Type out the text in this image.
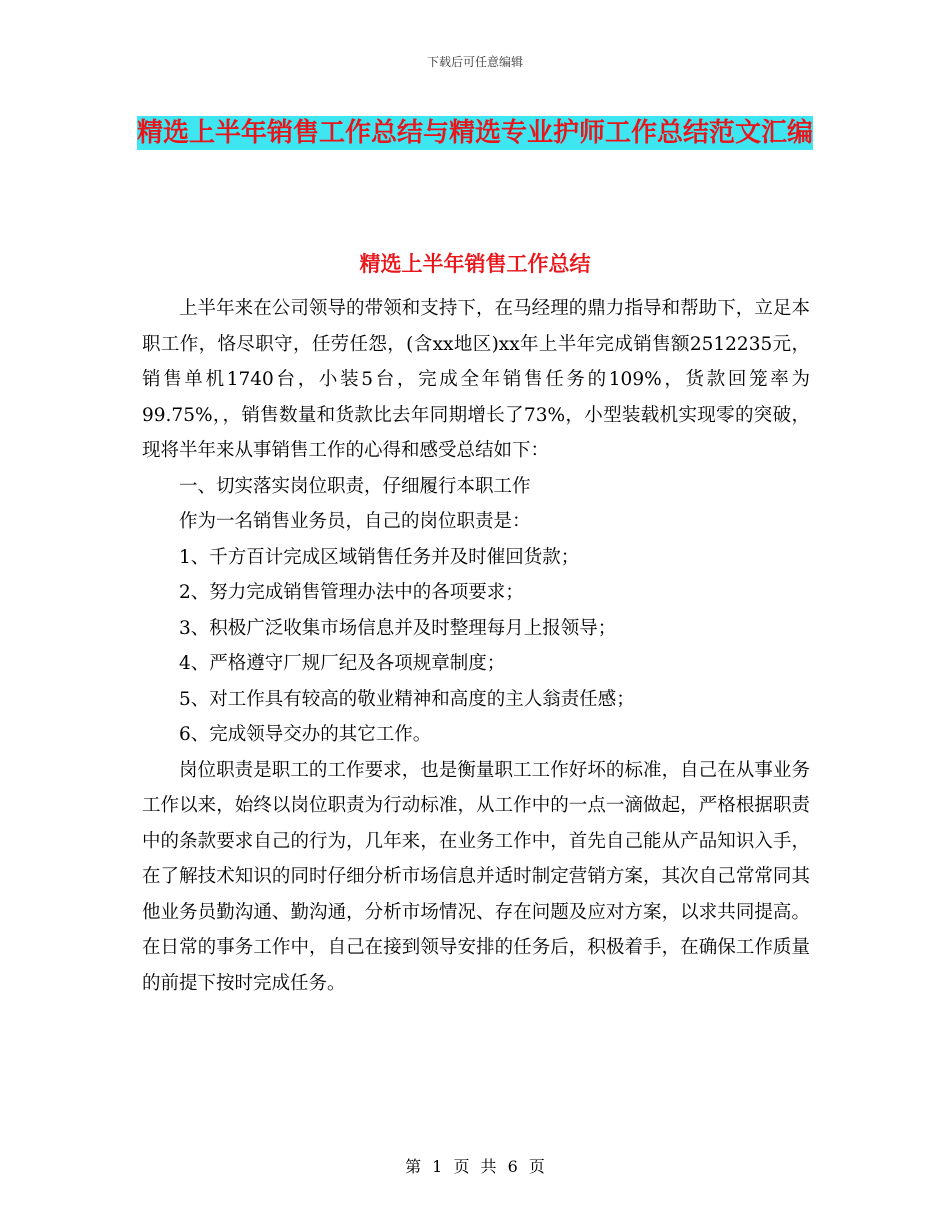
下载后可任意编辑
精选上半年销售工作总结与精选专业护师工作总结范文汇编
精选上半年销售工作总结

上半年来在公司领导的带领和支持下，在马经理的鼎力指导和帮助下，立足本职工作，恪尽职守，任劳任怨，(含xx地区)xx年上半年完成销售额2512235元，销售单机1740台，小装5台，完成全年销售任务的109%，货款回笼率为99.75%，，销售数量和货款比去年同期增长了73%，小型装载机实现零的突破，现将半年来从事销售工作的心得和感受总结如下：

一、切实落实岗位职责，仔细履行本职工作

作为一名销售业务员，自己的岗位职责是：

1、千方百计完成区域销售任务并及时催回货款；

2、努力完成销售管理办法中的各项要求；

3、积极广泛收集市场信息并及时整理每月上报领导；

4、严格遵守厂规厂纪及各项规章制度；

5、对工作具有较高的敬业精神和高度的主人翁责任感；

6、完成领导交办的其它工作。

岗位职责是职工的工作要求，也是衡量职工工作好坏的标准，自己在从事业务工作以来，始终以岗位职责为行动标准，从工作中的一点一滴做起，严格根据职责中的条款要求自己的行为，几年来，在业务工作中，首先自己能从产品知识入手，在了解技术知识的同时仔细分析市场信息并适时制定营销方案，其次自己常常同其他业务员勤沟通、勤沟通，分析市场情况、存在问题及应对方案，以求共同提高。在日常的事务工作中，自己在接到领导安排的任务后，积极着手，在确保工作质量的前提下按时完成任务。

第 1 页 共 6 页
